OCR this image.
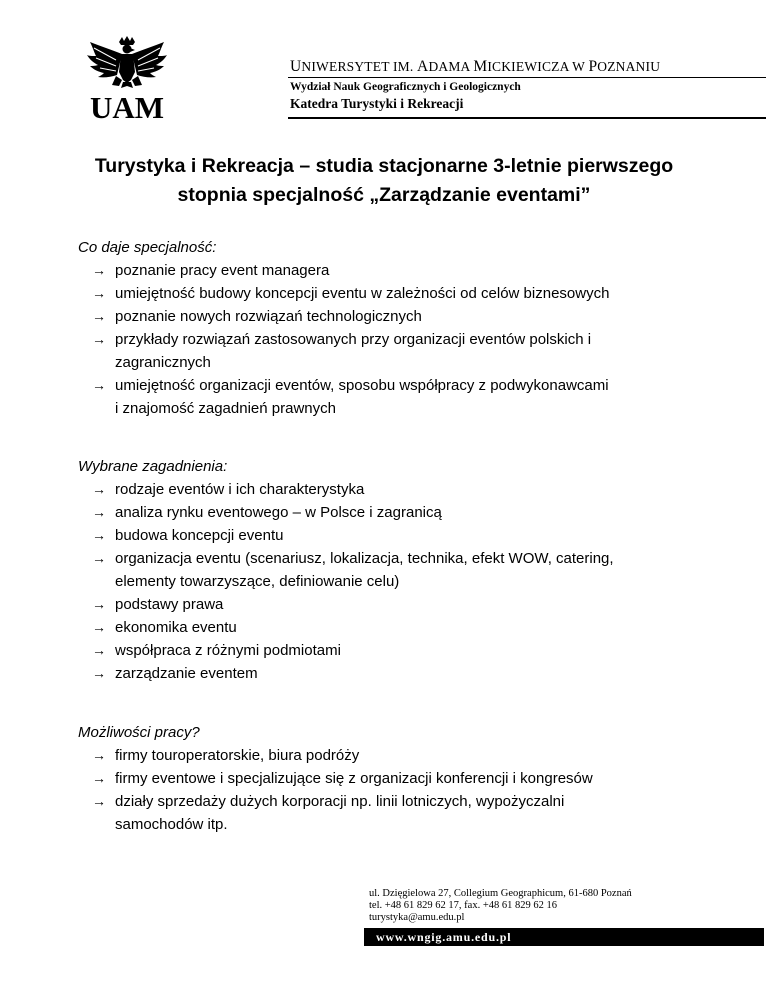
UAM
UNIWERSYTET IM. ADAMA MICKIEWICZA W POZNANIU
Wydział Nauk Geograficznych i Geologicznych
Katedra Turystyki i Rekreacji
Turystyka i Rekreacja – studia stacjonarne 3-letnie pierwszego
stopnia specjalność „Zarządzanie eventami”
Co daje specjalność:
→ poznanie pracy event managera
→ umiejętność budowy koncepcji eventu w zależności od celów biznesowych
→ poznanie nowych rozwiązań technologicznych
→ przykłady rozwiązań zastosowanych przy organizacji eventów polskich i
zagranicznych
→ umiejętność organizacji eventów, sposobu współpracy z podwykonawcami
i znajomość zagadnień prawnych
Wybrane zagadnienia:
→ rodzaje eventów i ich charakterystyka
→ analiza rynku eventowego – w Polsce i zagranicą
→ budowa koncepcji eventu
→ organizacja eventu (scenariusz, lokalizacja, technika, efekt WOW, catering,
elementy towarzyszące, definiowanie celu)
→ podstawy prawa
→ ekonomika eventu
→ współpraca z różnymi podmiotami
→ zarządzanie eventem
Możliwości pracy?
→ firmy touroperatorskie, biura podróży
→ firmy eventowe i specjalizujące się z organizacji konferencji i kongresów
→ działy sprzedaży dużych korporacji np. linii lotniczych, wypożyczalni
samochodów itp.
ul. Dzięgielowa 27, Collegium Geographicum, 61-680 Poznań
tel. +48 61 829 62 17, fax. +48 61 829 62 16
turystyka@amu.edu.pl
www.wngig.amu.edu.pl
